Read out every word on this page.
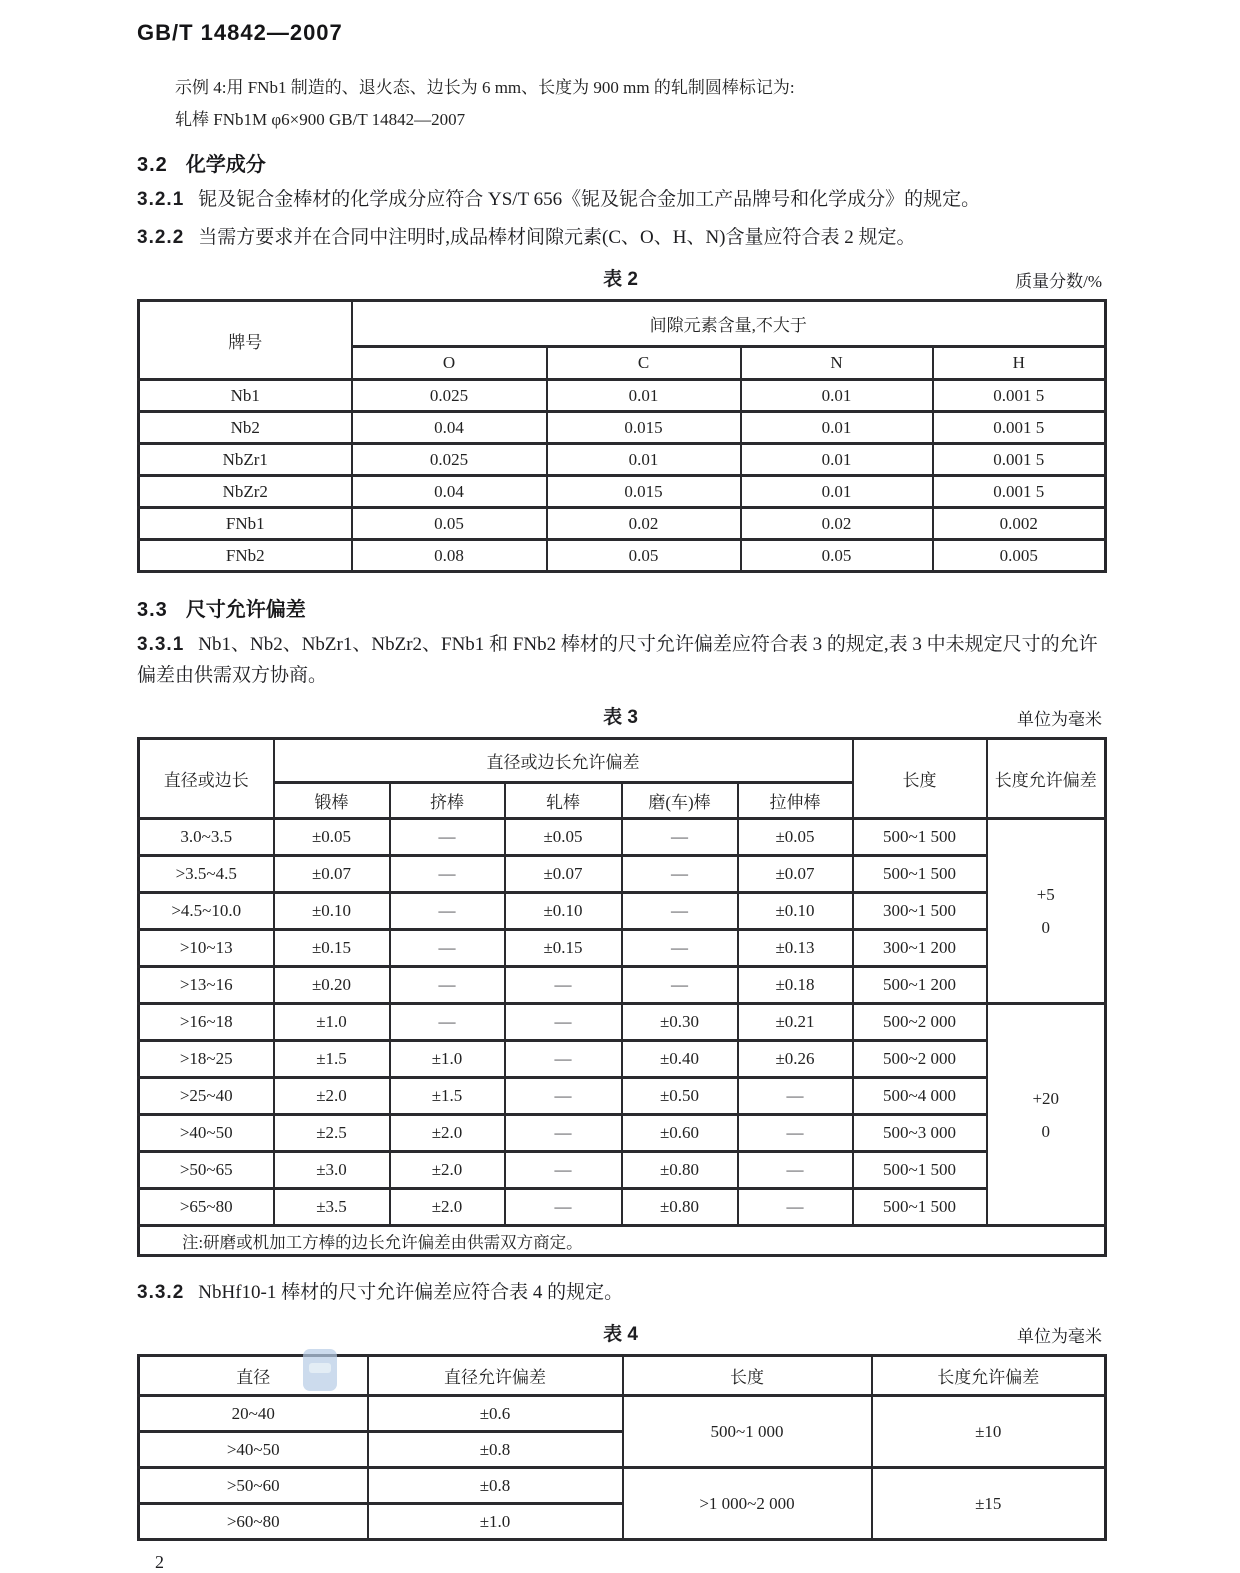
GB/T 14842—2007
示例 4:用 FNb1 制造的、退火态、边长为 6 mm、长度为 900 mm 的轧制圆棒标记为:
轧棒 FNb1M φ6×900 GB/T 14842—2007
3.2 化学成分
3.2.1 铌及铌合金棒材的化学成分应符合 YS/T 656《铌及铌合金加工产品牌号和化学成分》的规定。
3.2.2 当需方要求并在合同中注明时,成品棒材间隙元素(C、O、H、N)含量应符合表 2 规定。
表 2	质量分数/%
牌号	间隙元素含量,不大于			
	O	C	N	H
Nb1	0.025	0.01	0.01	0.001 5
Nb2	0.04	0.015	0.01	0.001 5
NbZr1	0.025	0.01	0.01	0.001 5
NbZr2	0.04	0.015	0.01	0.001 5
FNb1	0.05	0.02	0.02	0.002
FNb2	0.08	0.05	0.05	0.005
3.3 尺寸允许偏差
3.3.1 Nb1、Nb2、NbZr1、NbZr2、FNb1 和 FNb2 棒材的尺寸允许偏差应符合表 3 的规定,表 3 中未规定尺寸的允许偏差由供需双方协商。
表 3	单位为毫米
直径或边长	直径或边长允许偏差					长度	长度允许偏差
	锻棒	挤棒	轧棒	磨(车)棒	拉伸棒		
3.0~3.5	±0.05	—	±0.05	—	±0.05	500~1 500	+5
0

>3.5~4.5	±0.07	—	±0.07	—	±0.07	500~1 500	
>4.5~10.0	±0.10	—	±0.10	—	±0.10	300~1 500	
>10~13	±0.15	—	±0.15	—	±0.13	300~1 200	
>13~16	±0.20	—	—	—	±0.18	500~1 200	
>16~18	±1.0	—	—	±0.30	±0.21	500~2 000	+20
0

>18~25	±1.5	±1.0	—	±0.40	±0.26	500~2 000	
>25~40	±2.0	±1.5	—	±0.50	—	500~4 000	
>40~50	±2.5	±2.0	—	±0.60	—	500~3 000	
>50~65	±3.0	±2.0	—	±0.80	—	500~1 500	
>65~80	±3.5	±2.0	—	±0.80	—	500~1 500	
注:研磨或机加工方棒的边长允许偏差由供需双方商定。							
3.3.2 NbHf10-1 棒材的尺寸允许偏差应符合表 4 的规定。
表 4	单位为毫米
直径	直径允许偏差	长度	长度允许偏差
20~40	±0.6	500~1 000	±10
>40~50	±0.8		
>50~60	±0.8	>1 000~2 000	±15
>60~80	±1.0		
2
